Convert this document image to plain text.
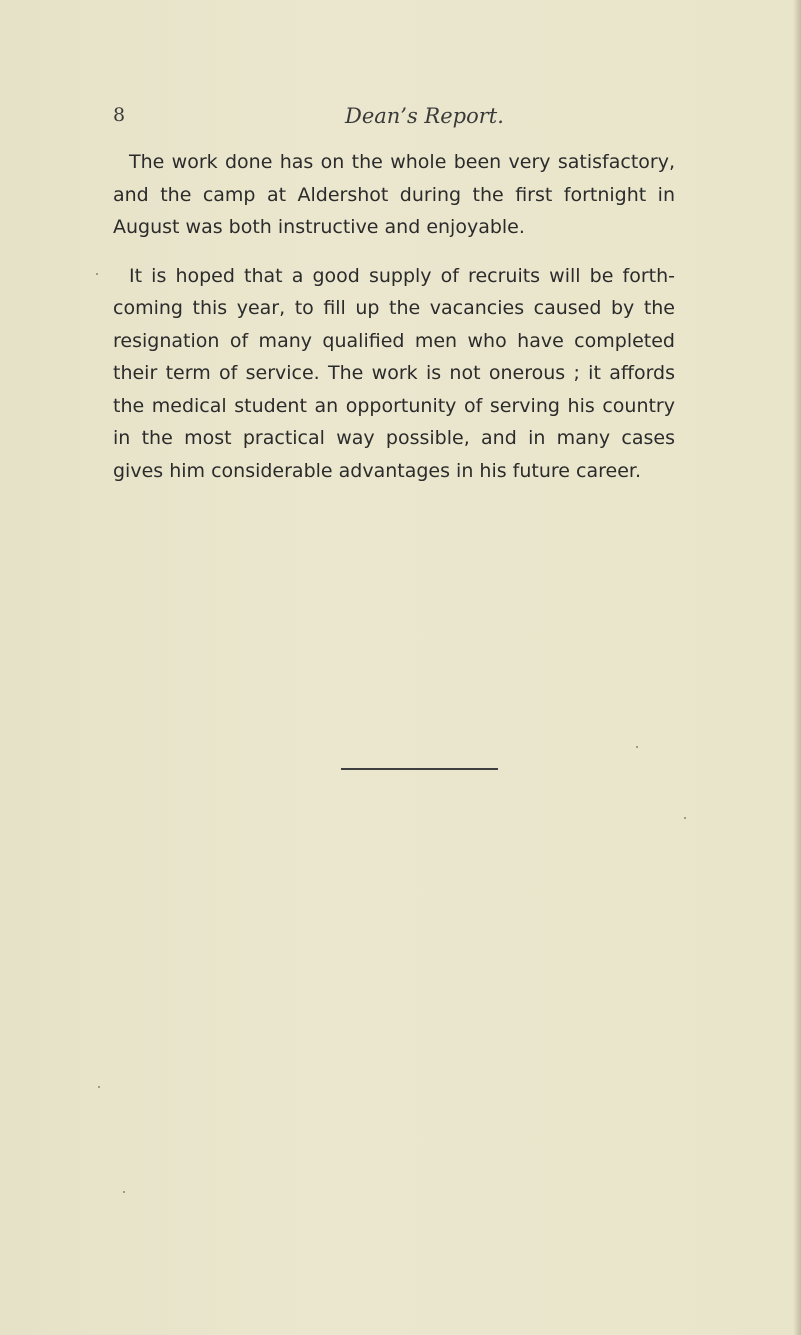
8	Dean’s Report.

The work done has on the whole been very satisfactory, and the camp at Aldershot during the first fortnight in August was both instructive and enjoyable.

It is hoped that a good supply of recruits will be forthcoming this year, to fill up the vacancies caused by the resignation of many qualified men who have completed their term of service. The work is not onerous ; it affords the medical student an opportunity of serving his country in the most practical way possible, and in many cases gives him considerable advantages in his future career.
